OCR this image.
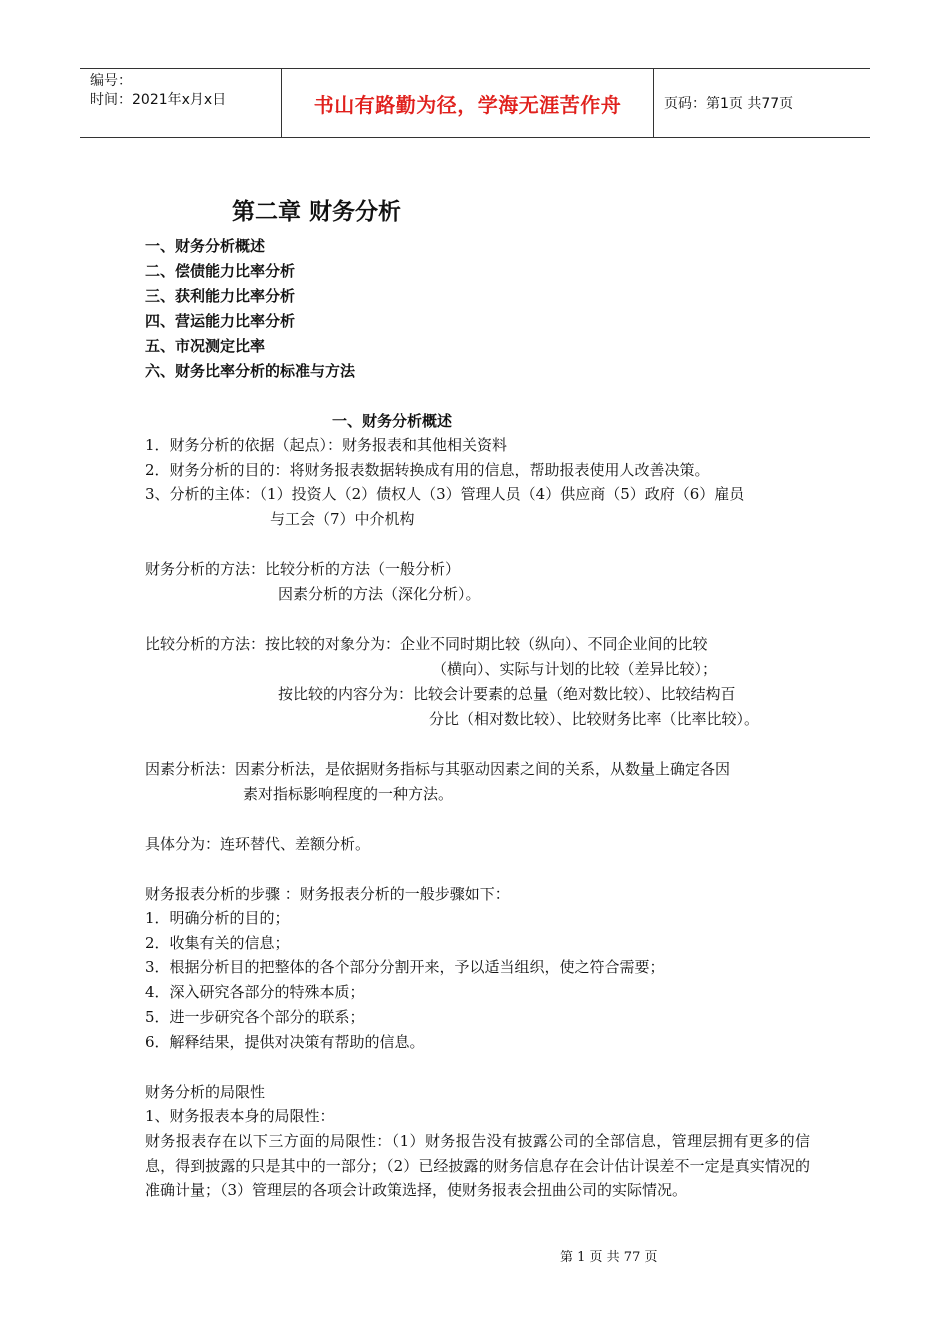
编号：
时间：2021年x月x日	书山有路勤为径，学海无涯苦作舟	页码：第1页 共77页
第二章 财务分析
一、财务分析概述
二、偿债能力比率分析
三、获利能力比率分析
四、营运能力比率分析
五、市况测定比率
六、财务比率分析的标准与方法
一、财务分析概述
1．财务分析的依据（起点）：财务报表和其他相关资料
2．财务分析的目的：将财务报表数据转换成有用的信息，帮助报表使用人改善决策。
3、分析的主体：（1）投资人（2）债权人（3）管理人员（4）供应商（5）政府（6）雇员
与工会（7）中介机构
财务分析的方法：比较分析的方法（一般分析）
因素分析的方法（深化分析）。
比较分析的方法：按比较的对象分为：企业不同时期比较（纵向）、不同企业间的比较
（横向）、实际与计划的比较（差异比较）；
按比较的内容分为：比较会计要素的总量（绝对数比较）、比较结构百
分比（相对数比较）、比较财务比率（比率比较）。
因素分析法：因素分析法，是依据财务指标与其驱动因素之间的关系，从数量上确定各因
素对指标影响程度的一种方法。
具体分为：连环替代、差额分析。
财务报表分析的步骤 ：财务报表分析的一般步骤如下：
1．明确分析的目的；
2．收集有关的信息；
3．根据分析目的把整体的各个部分分割开来，予以适当组织，使之符合需要；
4．深入研究各部分的特殊本质；
5．进一步研究各个部分的联系；
6．解释结果，提供对决策有帮助的信息。
财务分析的局限性
1、财务报表本身的局限性：
财务报表存在以下三方面的局限性：（1）财务报告没有披露公司的全部信息，管理层拥有更多的信息，得到披露的只是其中的一部分；（2）已经披露的财务信息存在会计估计误差不一定是真实情况的准确计量；（3）管理层的各项会计政策选择，使财务报表会扭曲公司的实际情况。
第 1 页 共 77 页
